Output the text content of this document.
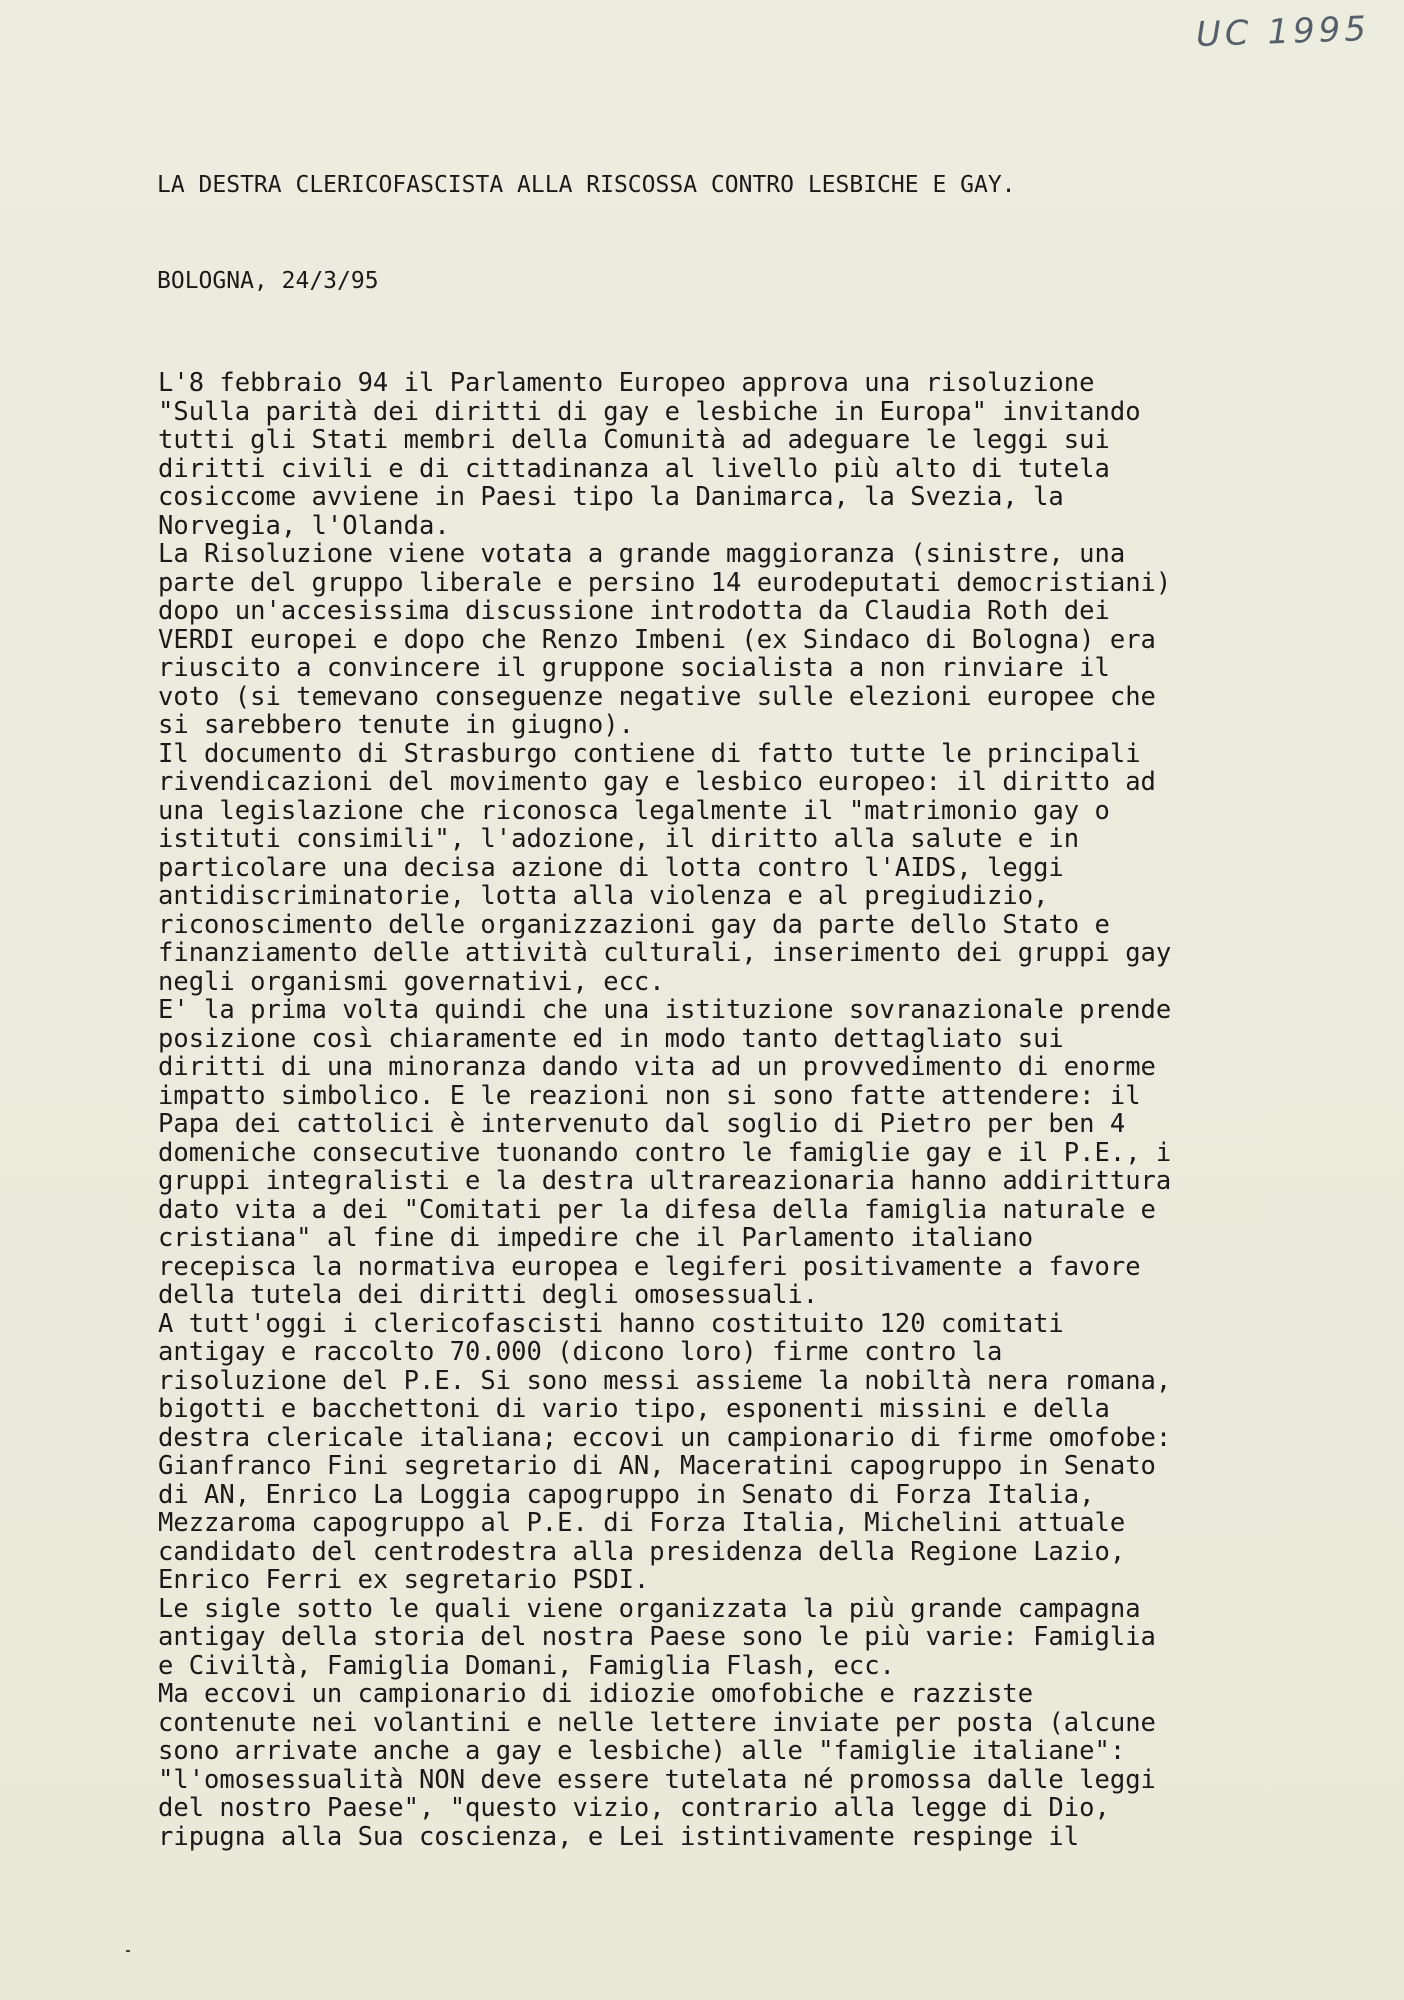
UC 1995
LA DESTRA CLERICOFASCISTA ALLA RISCOSSA CONTRO LESBICHE E GAY.
BOLOGNA, 24/3/95
L'8 febbraio 94 il Parlamento Europeo approva una risoluzione
"Sulla parità dei diritti di gay e lesbiche in Europa" invitando
tutti gli Stati membri della Comunità ad adeguare le leggi sui
diritti civili e di cittadinanza al livello più alto di tutela
cosiccome avviene in Paesi tipo la Danimarca, la Svezia, la
Norvegia, l'Olanda.
La Risoluzione viene votata a grande maggioranza (sinistre, una
parte del gruppo liberale e persino 14 eurodeputati democristiani)
dopo un'accesissima discussione introdotta da Claudia Roth dei
VERDI europei e dopo che Renzo Imbeni (ex Sindaco di Bologna) era
riuscito a convincere il gruppone socialista a non rinviare il
voto (si temevano conseguenze negative sulle elezioni europee che
si sarebbero tenute in giugno).
Il documento di Strasburgo contiene di fatto tutte le principali
rivendicazioni del movimento gay e lesbico europeo: il diritto ad
una legislazione che riconosca legalmente il "matrimonio gay o
istituti consimili", l'adozione, il diritto alla salute e in
particolare una decisa azione di lotta contro l'AIDS, leggi
antidiscriminatorie, lotta alla violenza e al pregiudizio,
riconoscimento delle organizzazioni gay da parte dello Stato e
finanziamento delle attività culturali, inserimento dei gruppi gay
negli organismi governativi, ecc.
E' la prima volta quindi che una istituzione sovranazionale prende
posizione così chiaramente ed in modo tanto dettagliato sui
diritti di una minoranza dando vita ad un provvedimento di enorme
impatto simbolico. E le reazioni non si sono fatte attendere: il
Papa dei cattolici è intervenuto dal soglio di Pietro per ben 4
domeniche consecutive tuonando contro le famiglie gay e il P.E., i
gruppi integralisti e la destra ultrareazionaria hanno addirittura
dato vita a dei "Comitati per la difesa della famiglia naturale e
cristiana" al fine di impedire che il Parlamento italiano
recepisca la normativa europea e legiferi positivamente a favore
della tutela dei diritti degli omosessuali.
A tutt'oggi i clericofascisti hanno costituito 120 comitati
antigay e raccolto 70.000 (dicono loro) firme contro la
risoluzione del P.E. Si sono messi assieme la nobiltà nera romana,
bigotti e bacchettoni di vario tipo, esponenti missini e della
destra clericale italiana; eccovi un campionario di firme omofobe:
Gianfranco Fini segretario di AN, Maceratini capogruppo in Senato
di AN, Enrico La Loggia capogruppo in Senato di Forza Italia,
Mezzaroma capogruppo al P.E. di Forza Italia, Michelini attuale
candidato del centrodestra alla presidenza della Regione Lazio,
Enrico Ferri ex segretario PSDI.
Le sigle sotto le quali viene organizzata la più grande campagna
antigay della storia del nostra Paese sono le più varie: Famiglia
e Civiltà, Famiglia Domani, Famiglia Flash, ecc.
Ma eccovi un campionario di idiozie omofobiche e razziste
contenute nei volantini e nelle lettere inviate per posta (alcune
sono arrivate anche a gay e lesbiche) alle "famiglie italiane":
"l'omosessualità NON deve essere tutelata né promossa dalle leggi
del nostro Paese", "questo vizio, contrario alla legge di Dio,
ripugna alla Sua coscienza, e Lei istintivamente respinge il
